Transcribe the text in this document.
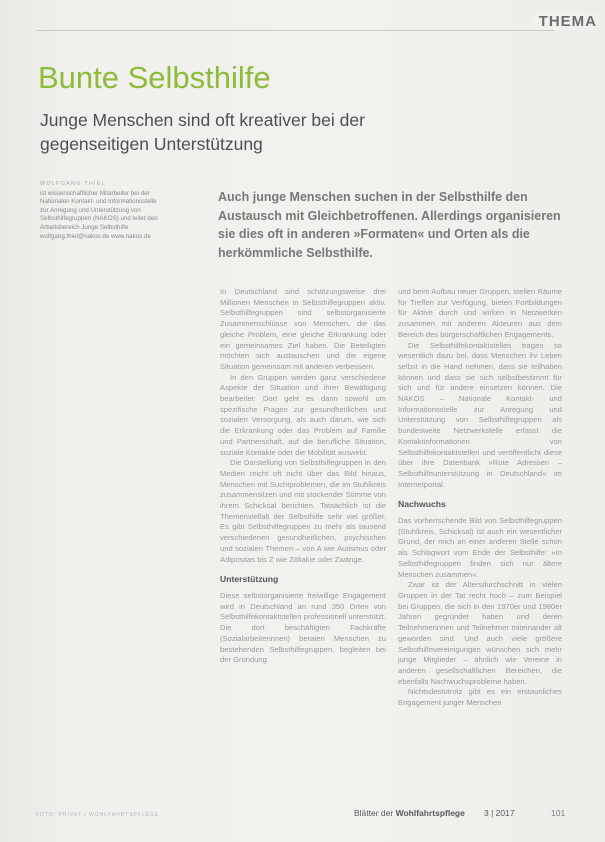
THEMA
Bunte Selbsthilfe
Junge Menschen sind oft kreativer bei der gegenseitigen Unterstützung
WOLFGANG THIEL
ist wissenschaftlicher Mitarbeiter bei der Nationalen Kontakt- und Informationsstelle zur Anregung und Unterstützung von Selbsthilfegruppen (NAKOS) und leitet den Arbeitsbereich Junge Selbsthilfe wolfgang.thiel@nakos.de www.nakos.de
Auch junge Menschen suchen in der Selbsthilfe den Austausch mit Gleichbetroffenen. Allerdings organisieren sie dies oft in anderen »Formaten« und Orten als die herkömmliche Selbsthilfe.

In Deutschland sind schätzungsweise drei Millionen Menschen in Selbsthilfegruppen aktiv. Selbsthilfegruppen sind selbstorganisierte Zusammenschlüsse von Menschen, die das gleiche Problem, eine gleiche Erkrankung oder ein gemeinsames Ziel haben. Die Beteiligten möchten sich austauschen und die eigene Situation gemeinsam mit anderen verbessern.

In den Gruppen werden ganz verschiedene Aspekte der Situation und ihrer Bewältigung bearbeitet: Dort geht es dann sowohl um spezifische Fragen zur gesundheitlichen und sozialen Versorgung, als auch darum, wie sich die Erkrankung oder das Problem auf Familie und Partnerschaft, auf die berufliche Situation, soziale Kontakte oder die Mobilität auswirkt.

Die Darstellung von Selbsthilfegruppen in den Medien reicht oft nicht über das Bild hinaus, Menschen mit Suchtproblemen, die im Stuhlkreis zusammensitzen und mit stockender Stimme von ihrem Schicksal berichten. Tatsächlich ist die Themenvielfalt der Selbsthilfe sehr viel größer. Es gibt Selbsthilfegruppen zu mehr als tausend verschiedenen gesundheitlichen, psychischen und sozialen Themen – von A wie Autismus oder Adipositas bis Z wie Zöliakie oder Zwänge.

Unterstützung

Diese selbstorganisierte freiwillige Engagement wird in Deutschland an rund 350 Orten von Selbsthilfekontaktstellen professionell unterstützt. Die dort beschäftigten Fachkräfte (Sozialarbeiterinnen) beraten Menschen zu bestehenden Selbsthilfegruppen, begleiten bei der Gründung

und beim Aufbau neuer Gruppen, stellen Räume für Treffen zur Verfügung, bieten Fortbildungen für Aktive durch und wirken in Netzwerken zusammen mit anderen Akteuren aus dem Bereich des bürgerschaftlichen Engagements.

Die Selbsthilfekontaktstellen tragen so wesentlich dazu bei, dass Menschen ihr Leben selbst in die Hand nehmen, dass sie teilhaben können und dass sie sich selbstbestimmt für sich und für andere einsetzen können. Die NAKOS – Nationale Kontakt- und Informationsstelle zur Anregung und Unterstützung von Selbsthilfegruppen als bundesweite Netzwerkstelle erfasst die Kontaktinformationen von Selbsthilfekontaktstellen und veröffentlicht diese über ihre Datenbank »Rote Adressen – Selbsthilfeunterstützung in Deutschland« im Internetportal.

Nachwuchs

Das vorherrschende Bild von Selbsthilfegruppen (Stuhlkreis, Schicksal) ist auch ein wesentlicher Grund, der mich an einer anderen Stelle schon als Schlagwort vom Ende der Selbsthilfe: »In Selbsthilfegruppen finden sich nur ältere Menschen zusammen«.

Zwar ist der Altersdurchschnitt in vielen Gruppen in der Tat recht hoch – zum Beispiel bei Gruppen, die sich in den 1970er und 1980er Jahren gegründet haben und deren Teilnehmerinnen und Teilnehmer miteinander alt geworden sind. Und auch viele größere Selbsthilfevereinigungen wünschen sich mehr junge Mitglieder – ähnlich wie Vereine in anderen gesellschaftlichen Bereichen, die ebenfalls Nachwuchsprobleme haben.

Nichtsdestotrotz gibt es ein erstaunliches Engagement junger Menschen

FOTO: PRIVAT / WOHLFAHRTSPFLEGE	Blätter der Wohlfahrtspflege 3 | 2017	101
